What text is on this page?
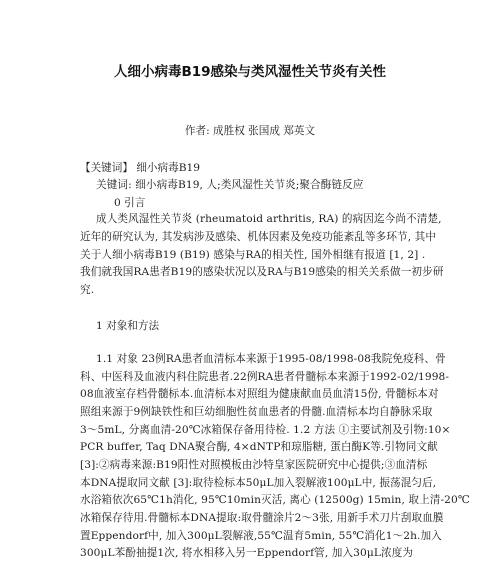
人细小病毒B19感染与类风湿性关节炎有关性
作者: 成胜权 张国成 郑英文
【关键词】 细小病毒B19
关键词: 细小病毒B19, 人;类风湿性关节炎;聚合酶链反应
0 引言
成人类风湿性关节炎 (rheumatoid arthritis, RA) 的病因迄今尚不清楚,
近年的研究认为, 其发病涉及感染、机体因素及免疫功能紊乱等多环节, 其中
关于人细小病毒B19 (B19) 感染与RA的相关性, 国外相继有报道 [1, 2] .
我们就我国RA患者B19的感染状况以及RA与B19感染的相关关系做一初步研
究.
1 对象和方法
1.1 对象 23例RA患者血清标本来源于1995-08/1998-08我院免疫科、骨
科、中医科及血液内科住院患者.22例RA患者骨髓标本来源于1992-02/1998-
08血液室存档骨髓标本.血清标本对照组为健康献血员血清15份, 骨髓标本对
照组来源于9例缺铁性和巨幼细胞性贫血患者的骨髓.血清标本均自静脉采取
3～5mL, 分离血清-20℃冰箱保存备用待检. 1.2 方法 ①主要试剂及引物:10×
PCR buffer, Taq DNA聚合酶, 4×dNTP和琼脂糖, 蛋白酶K等.引物同文献
[3]:②病毒来源:B19阳性对照模板由沙特皇家医院研究中心提供;③血清标
本DNA提取同文献 [3]:取待检标本50μL加入裂解液100μL中, 振荡混匀后,
水浴箱依次65℃1h消化, 95℃10min灭活, 离心 (12500g) 15min, 取上清-20℃
冰箱保存待用.骨髓标本DNA提取:取骨髓涂片2～3张, 用新手术刀片刮取血膜
置Eppendorf中, 加入300μL裂解液,55℃温育5min, 55℃消化1～2h.加入
300μL苯酚抽提1次, 将水相移入另一Eppendorf管, 加入30μL浓度为
